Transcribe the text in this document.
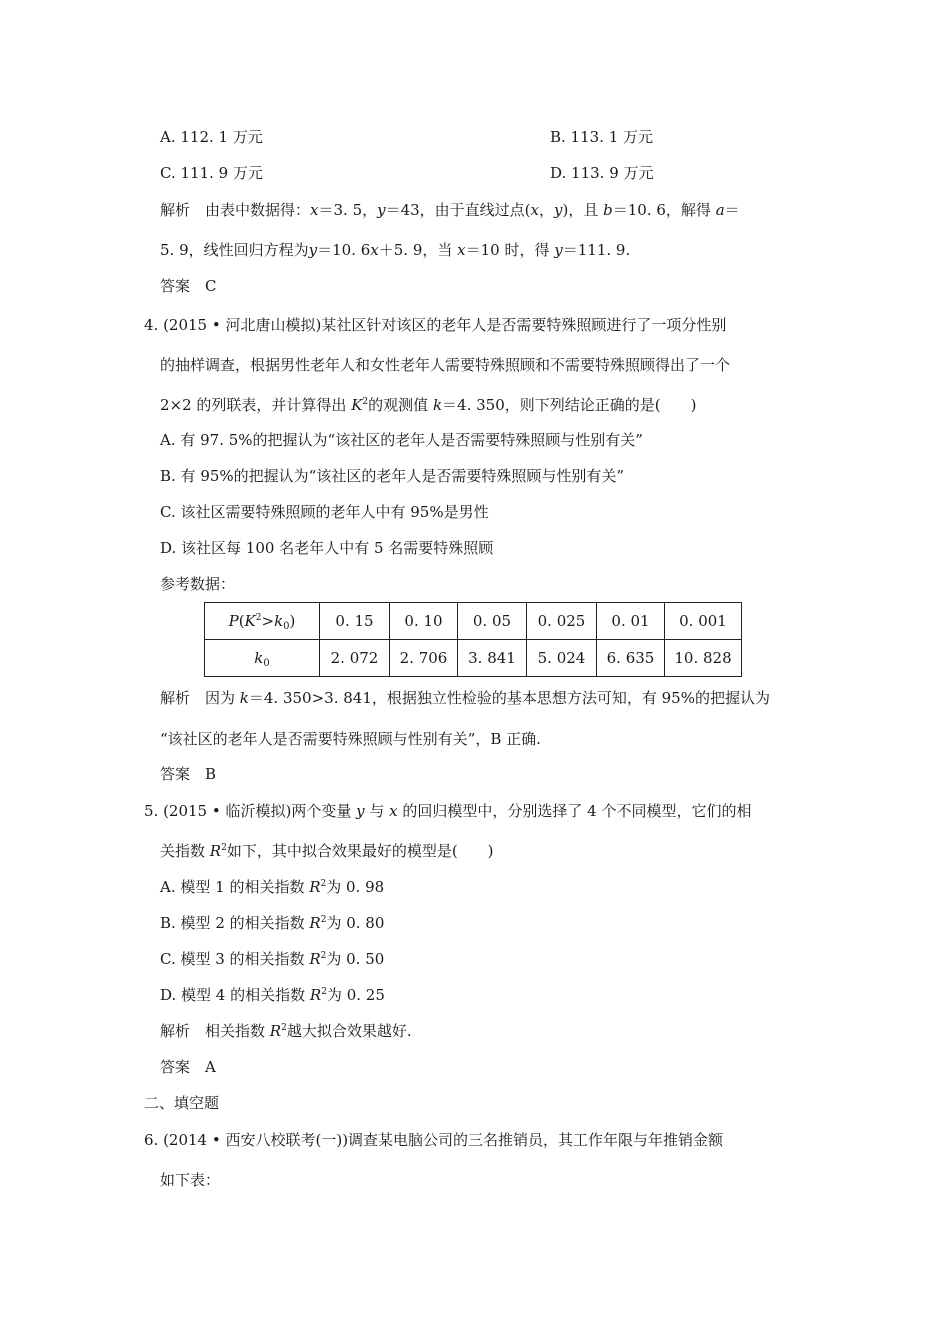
A. 112. 1 万元	B. 113. 1 万元
C. 111. 9 万元	D. 113. 9 万元
解析　由表中数据得：x＝3. 5，y＝43，由于直线过点(x，y)，且 b＝10. 6，解得 a＝
5. 9，线性回归方程为y＝10. 6x＋5. 9，当 x＝10 时，得 y＝111. 9.
答案　C
4. (2015 • 河北唐山模拟)某社区针对该区的老年人是否需要特殊照顾进行了一项分性别
的抽样调查，根据男性老年人和女性老年人需要特殊照顾和不需要特殊照顾得出了一个
2×2 的列联表，并计算得出 $K^2$的观测值 k＝4. 350，则下列结论正确的是(　　)
A. 有 97. 5%的把握认为“该社区的老年人是否需要特殊照顾与性别有关”
B. 有 95%的把握认为“该社区的老年人是否需要特殊照顾与性别有关”
C. 该社区需要特殊照顾的老年人中有 95%是男性
D. 该社区每 100 名老年人中有 5 名需要特殊照顾
参考数据：
$P(K^2>k_0)$	0. 15	0. 10	0. 05	0. 025	0. 01	0. 001
$k_0$	2. 072	2. 706	3. 841	5. 024	6. 635	10. 828
解析　因为 k＝4. 350>3. 841，根据独立性检验的基本思想方法可知，有 95%的把握认为
“该社区的老年人是否需要特殊照顾与性别有关”，B 正确.
答案　B
5. (2015 • 临沂模拟)两个变量 y 与 x 的回归模型中，分别选择了 4 个不同模型，它们的相
关指数 $R^2$如下，其中拟合效果最好的模型是(　　)
A. 模型 1 的相关指数 $R^2$为 0. 98
B. 模型 2 的相关指数 $R^2$为 0. 80
C. 模型 3 的相关指数 $R^2$为 0. 50
D. 模型 4 的相关指数 $R^2$为 0. 25
解析　相关指数 $R^2$越大拟合效果越好.
答案　A
二、填空题
6. (2014 • 西安八校联考(一))调查某电脑公司的三名推销员，其工作年限与年推销金额
如下表：
